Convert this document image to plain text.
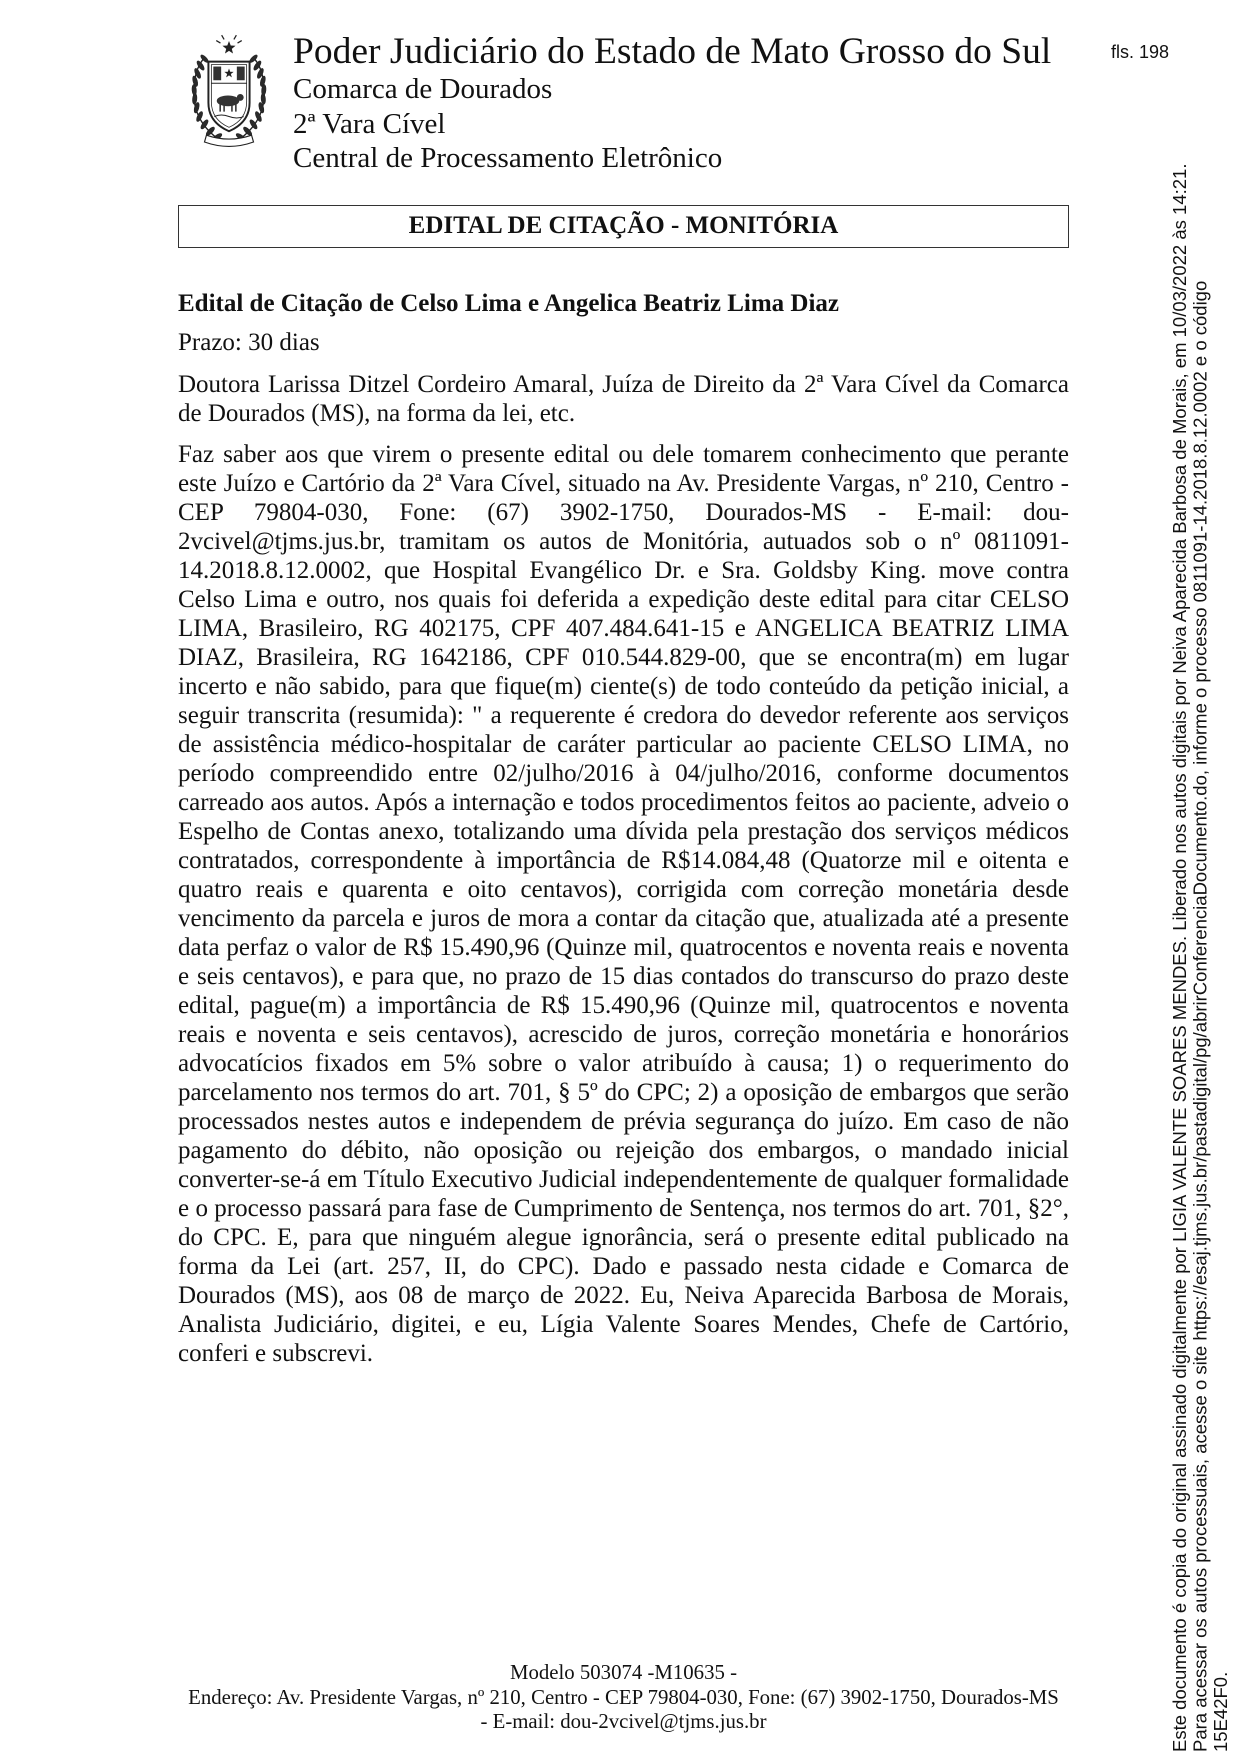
Poder Judiciário do Estado de Mato Grosso do Sul
Comarca de Dourados
2ª Vara Cível
Central de Processamento Eletrônico
fls. 198
EDITAL DE CITAÇÃO - MONITÓRIA

Edital de Citação de Celso Lima e Angelica Beatriz Lima Diaz

Prazo: 30 dias

Doutora Larissa Ditzel Cordeiro Amaral, Juíza de Direito da 2ª Vara Cível da Comarca de Dourados (MS), na forma da lei, etc.

Faz saber aos que virem o presente edital ou dele tomarem conhecimento que perante este Juízo e Cartório da 2ª Vara Cível, situado na Av. Presidente Vargas, nº 210, Centro - CEP 79804-030, Fone: (67) 3902-1750, Dourados-MS - E-mail: dou-2vcivel@tjms.jus.br, tramitam os autos de Monitória, autuados sob o nº 0811091-14.2018.8.12.0002, que Hospital Evangélico Dr. e Sra. Goldsby King. move contra Celso Lima e outro, nos quais foi deferida a expedição deste edital para citar CELSO LIMA, Brasileiro, RG 402175, CPF 407.484.641-15 e ANGELICA BEATRIZ LIMA DIAZ, Brasileira, RG 1642186, CPF 010.544.829-00, que se encontra(m) em lugar incerto e não sabido, para que fique(m) ciente(s) de todo conteúdo da petição inicial, a seguir transcrita (resumida): " a requerente é credora do devedor referente aos serviços de assistência médico-hospitalar de caráter particular ao paciente CELSO LIMA, no período compreendido entre 02/julho/2016 à 04/julho/2016, conforme documentos carreado aos autos. Após a internação e todos procedimentos feitos ao paciente, adveio o Espelho de Contas anexo, totalizando uma dívida pela prestação dos serviços médicos contratados, correspondente à importância de R$14.084,48 (Quatorze mil e oitenta e quatro reais e quarenta e oito centavos), corrigida com correção monetária desde vencimento da parcela e juros de mora a contar da citação que, atualizada até a presente data perfaz o valor de R$ 15.490,96 (Quinze mil, quatrocentos e noventa reais e noventa e seis centavos), e para que, no prazo de 15 dias contados do transcurso do prazo deste edital, pague(m) a importância de R$ 15.490,96 (Quinze mil, quatrocentos e noventa reais e noventa e seis centavos), acrescido de juros, correção monetária e honorários advocatícios fixados em 5% sobre o valor atribuído à causa; 1) o requerimento do parcelamento nos termos do art. 701, § 5º do CPC; 2) a oposição de embargos que serão processados nestes autos e independem de prévia segurança do juízo. Em caso de não pagamento do débito, não oposição ou rejeição dos embargos, o mandado inicial converter-se-á em Título Executivo Judicial independentemente de qualquer formalidade e o processo passará para fase de Cumprimento de Sentença, nos termos do art. 701, §2°, do CPC. E, para que ninguém alegue ignorância, será o presente edital publicado na forma da Lei (art. 257, II, do CPC). Dado e passado nesta cidade e Comarca de Dourados (MS), aos 08 de março de 2022. Eu, Neiva Aparecida Barbosa de Morais, Analista Judiciário, digitei, e eu, Lígia Valente Soares Mendes, Chefe de Cartório, conferi e subscrevi.

Modelo 503074 -M10635 -
Endereço: Av. Presidente Vargas, nº 210, Centro - CEP 79804-030, Fone: (67) 3902-1750, Dourados-MS
- E-mail: dou-2vcivel@tjms.jus.br	Este documento é copia do original assinado digitalmente por LIGIA VALENTE SOARES MENDES. Liberado nos autos digitais por Neiva Aparecida Barbosa de Morais, em 10/03/2022 às 14:21. Para acessar os autos processuais, acesse o site https://esaj.tjms.jus.br/pastadigital/pg/abrirConferenciaDocumento.do, informe o processo 0811091-14.2018.8.12.0002 e o código 15E42F0.
